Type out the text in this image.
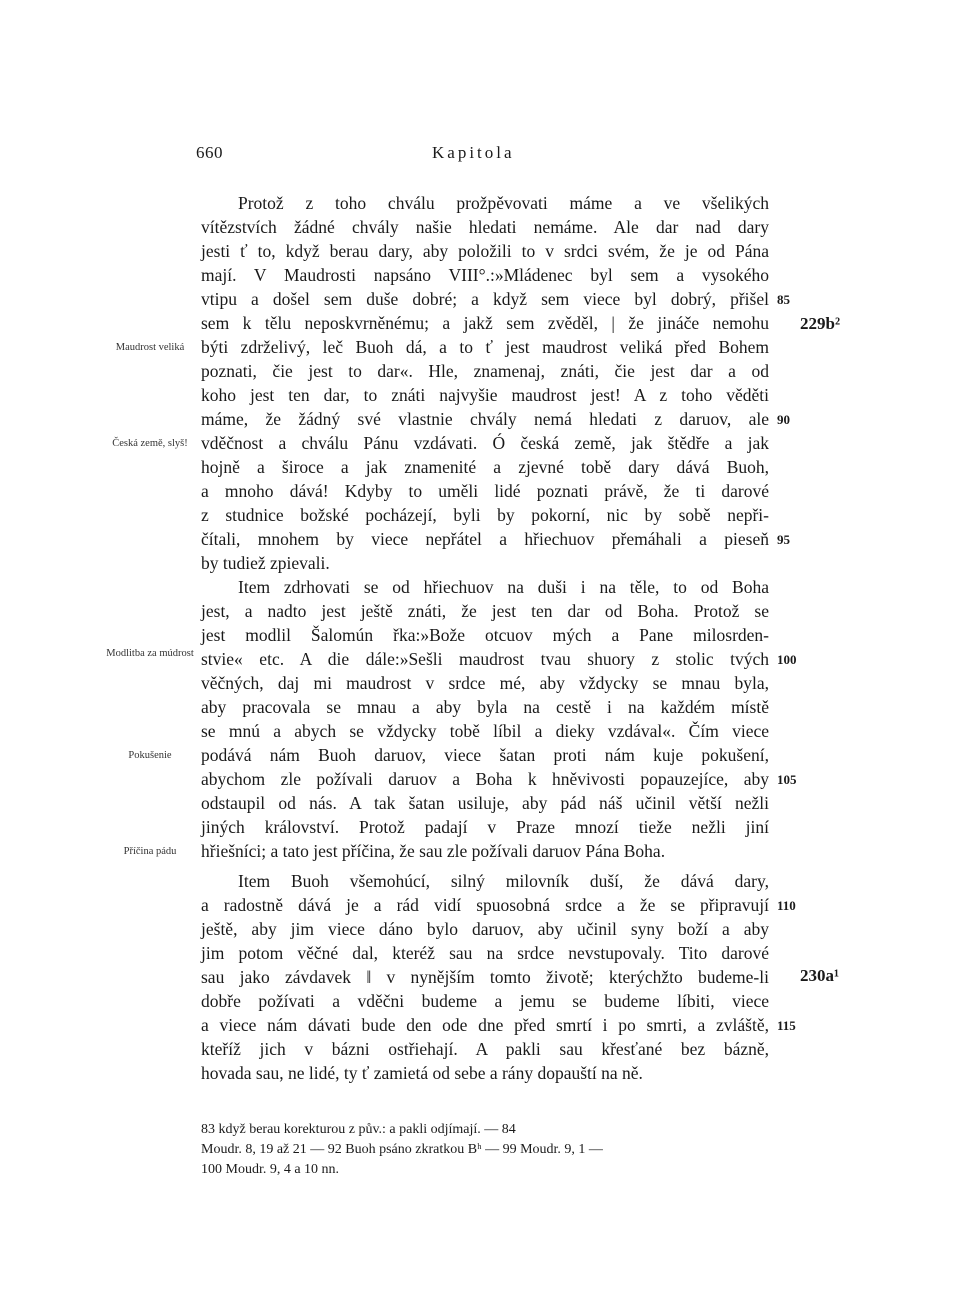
660	Kapitola
Protož z toho chválu prožpěvovati máme a ve všelikých
vítězstvích žádné chvály našie hledati nemáme. Ale dar nad dary
jesti ť to, když berau dary, aby položili to v srdci svém, že je od Pána
mají. V Maudrosti napsáno VIII°.:»Mládenec byl sem a vysokého
vtipu a došel sem duše dobré; a když sem viece byl dobrý, přišel
sem k tělu neposkvrněnému; a jakž sem zvěděl, | že jináče nemohu
býti zdrželivý, leč Buoh dá, a to ť jest maudrost veliká před Bohem
poznati, čie jest to dar«. Hle, znamenaj, znáti, čie jest dar a od
koho jest ten dar, to znáti najvyšie maudrost jest! A z toho věděti
máme, že žádný své vlastnie chvály nemá hledati z daruov, ale
vděčnost a chválu Pánu vzdávati. Ó česká země, jak štědře a jak
hojně a široce a jak znamenité a zjevné tobě dary dává Buoh,
a mnoho dává! Kdyby to uměli lidé poznati právě, že ti darové
z studnice božské pocházejí, byli by pokorní, nic by sobě nepři-
čítali, mnohem by viece nepřátel a hřiechuov přemáhali a pieseň
by tudiež zpievali.
Item zdrhovati se od hřiechuov na duši i na těle, to od Boha
jest, a nadto jest ještě znáti, že jest ten dar od Boha. Protož se
jest modlil Šalomún řka:»Bože otcuov mých a Pane milosrden-
stvie« etc. A die dále:»Sešli maudrost tvau shuory z stolic tvých
věčných, daj mi maudrost v srdce mé, aby vždycky se mnau byla,
aby pracovala se mnau a aby byla na cestě i na každém místě
se mnú a abych se vždycky tobě líbil a dieky vzdával«. Čím viece
podává nám Buoh daruov, viece šatan proti nám kuje pokušení,
abychom zle požívali daruov a Boha k hněvivosti popauzejíce, aby
odstaupil od nás. A tak šatan usiluje, aby pád náš učinil větší nežli
jiných království. Protož padají v Praze mnozí tieže nežli jiní
hřiešníci; a tato jest příčina, že sau zle požívali daruov Pána Boha.
Item Buoh všemohúcí, silný milovník duší, že dává dary,
a radostně dává je a rád vidí spuosobná srdce a že se připravují
ještě, aby jim viece dáno bylo daruov, aby učinil syny boží a aby
jim potom věčné dal, kteréž sau na srdce nevstupovaly. Tito darové
sau jako závdavek ‖ v nynějším tomto životě; kterýchžto budeme-li
dobře požívati a vděčni budeme a jemu se budeme líbiti, viece
a viece nám dávati bude den ode dne před smrtí i po smrti, a zvláště,
kteříž jich v bázni ostřiehají. A pakli sau křesťané bez bázně,
hovada sau, ne lidé, ty ť zamietá od sebe a rány dopauští na ně.
Maudrost veliká
Česká země, slyš!
Modlitba za múdrost
Pokušenie
Příčina pádu
85
90
95
100
105
110
115
229b²
230a¹
83 když berau korekturou z pův.: a pakli odjímají. — 84
Moudr. 8, 19 až 21 — 92 Buoh psáno zkratkou Bʰ — 99 Moudr. 9, 1 —
100 Moudr. 9, 4 a 10 nn.
